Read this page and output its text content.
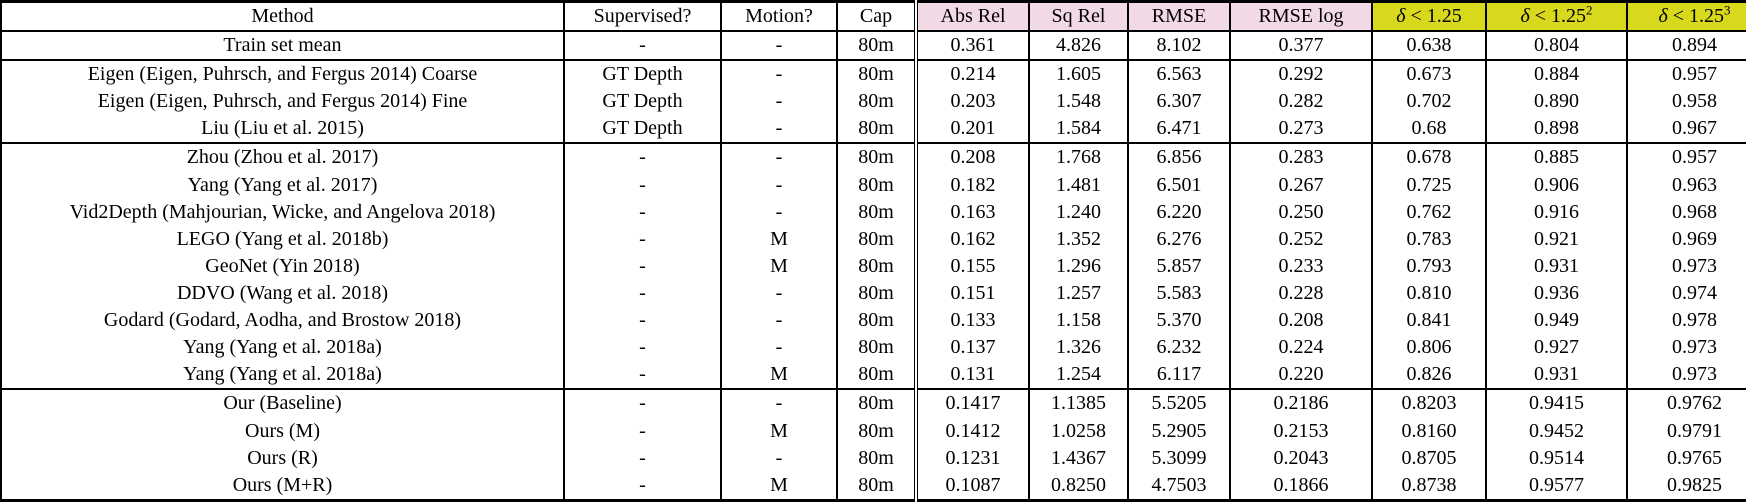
Method	Supervised?	Motion?	Cap	Abs Rel	Sq Rel	RMSE	RMSE log	δ < 1.25	$\delta < 1.25^2$	$\delta < 1.25^3$
Train set mean	-	-	80m	0.361	4.826	8.102	0.377	0.638	0.804	0.894
Eigen (Eigen, Puhrsch, and Fergus 2014) Coarse	GT Depth	-	80m	0.214	1.605	6.563	0.292	0.673	0.884	0.957
Eigen (Eigen, Puhrsch, and Fergus 2014) Fine	GT Depth	-	80m	0.203	1.548	6.307	0.282	0.702	0.890	0.958
Liu (Liu et al. 2015)	GT Depth	-	80m	0.201	1.584	6.471	0.273	0.68	0.898	0.967
Zhou (Zhou et al. 2017)	-	-	80m	0.208	1.768	6.856	0.283	0.678	0.885	0.957
Yang (Yang et al. 2017)	-	-	80m	0.182	1.481	6.501	0.267	0.725	0.906	0.963
Vid2Depth (Mahjourian, Wicke, and Angelova 2018)	-	-	80m	0.163	1.240	6.220	0.250	0.762	0.916	0.968
LEGO (Yang et al. 2018b)	-	M	80m	0.162	1.352	6.276	0.252	0.783	0.921	0.969
GeoNet (Yin 2018)	-	M	80m	0.155	1.296	5.857	0.233	0.793	0.931	0.973
DDVO (Wang et al. 2018)	-	-	80m	0.151	1.257	5.583	0.228	0.810	0.936	0.974
Godard (Godard, Aodha, and Brostow 2018)	-	-	80m	0.133	1.158	5.370	0.208	0.841	0.949	0.978
Yang (Yang et al. 2018a)	-	-	80m	0.137	1.326	6.232	0.224	0.806	0.927	0.973
Yang (Yang et al. 2018a)	-	M	80m	0.131	1.254	6.117	0.220	0.826	0.931	0.973
Our (Baseline)	-	-	80m	0.1417	1.1385	5.5205	0.2186	0.8203	0.9415	0.9762
Ours (M)	-	M	80m	0.1412	1.0258	5.2905	0.2153	0.8160	0.9452	0.9791
Ours (R)	-	-	80m	0.1231	1.4367	5.3099	0.2043	0.8705	0.9514	0.9765
Ours (M+R)	-	M	80m	0.1087	0.8250	4.7503	0.1866	0.8738	0.9577	0.9825
